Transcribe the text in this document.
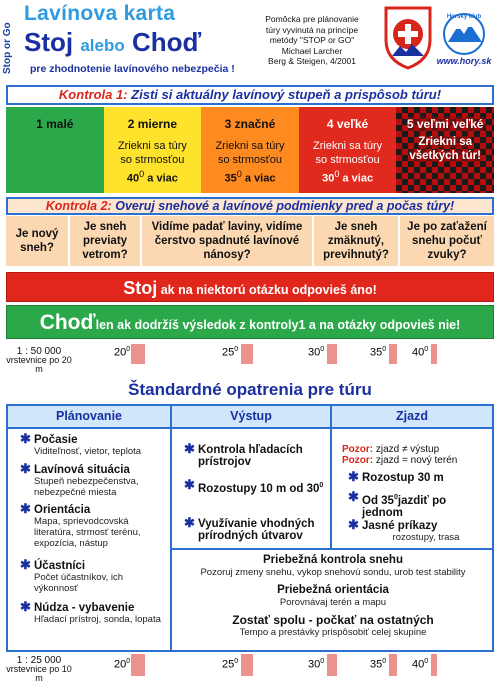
Stop or Go
Lavínova karta
Stoj alebo Choď
pre zhodnotenie lavínového nebezpečia !
Pomôcka pre plánovanie
túry vyvinutá na princípe
metódy "STOP or GO"
Michael Larcher
Berg & Steigen, 4/2001
Horský klub
www.hory.sk
Kontrola 1: Zisti si aktuálny lavínový stupeň a prispôsob túru!
1 malé	2 mierne
Zriekni sa túry
so strmosťou
$40^0$ a viac
3 značné
Zriekni sa túry
so strmosťou
$35^0$ a viac
4 veľké
Zriekni sa túry
so strmosťou
$30^0$ a viac
5 veľmi veľké
Zriekni sa
všetkých túr!
Kontrola 2: Overuj snehové a lavínové podmienky pred a počas túry!
Je nový sneh?
Je sneh previaty vetrom?
Vidíme padať laviny, vidíme čerstvo spadnuté lavínové nánosy?
Je sneh zmäknutý, previhnutý?
Je po zaťažení snehu počuť zvuky?
Stoj ak na niektorú otázku odpovieš áno!
Choďlen ak dodržíš výsledok z kontroly1 a na otázky odpovieš nie!
1 : 50 000
vrstevnice po 20 m
$20^0$	$25^0$	$30^0$	$35^0$ $40^0$
Štandardné opatrenia pre túru
Plánovanie	Výstup	Zjazd
✱ Počasie
Viditeľnosť, vietor, teplota
✱ Lavínová situácia
Stupeň nebezpečenstva, nebezpečné miesta
✱ Orientácia
Mapa, sprievodcovská literatúra, strmosť terénu, expozícia, nástup
✱ Účastníci
Počet účastníkov, ich výkonnosť
✱ Núdza - vybavenie
Hľadací prístroj, sonda, lopata
✱ Kontrola hľadacích prístrojov
✱ Rozostupy 10 m od $30^0$
✱ Využívanie vhodných prírodných útvarov
Pozor: zjazd ≠ výstup
Pozor: zjazd = nový terén
✱ Rozostup 30 m
✱ Od $35^0jazdiť$ po jednom
✱ Jasné príkazy
rozostupy, trasa
Priebežná kontrola snehu
Pozoruj zmeny snehu, vykop snehovú sondu, urob test stability
Priebežná orientácia
Porovnávaj terén a mapu
Zostať spolu - počkať na ostatných
Tempo a prestávky prispôsobiť celej skupine
1 : 25 000
vrstevnice po 10 m
$20^0$	$25^0$	$30^0$	$35^0$ $40^0$
